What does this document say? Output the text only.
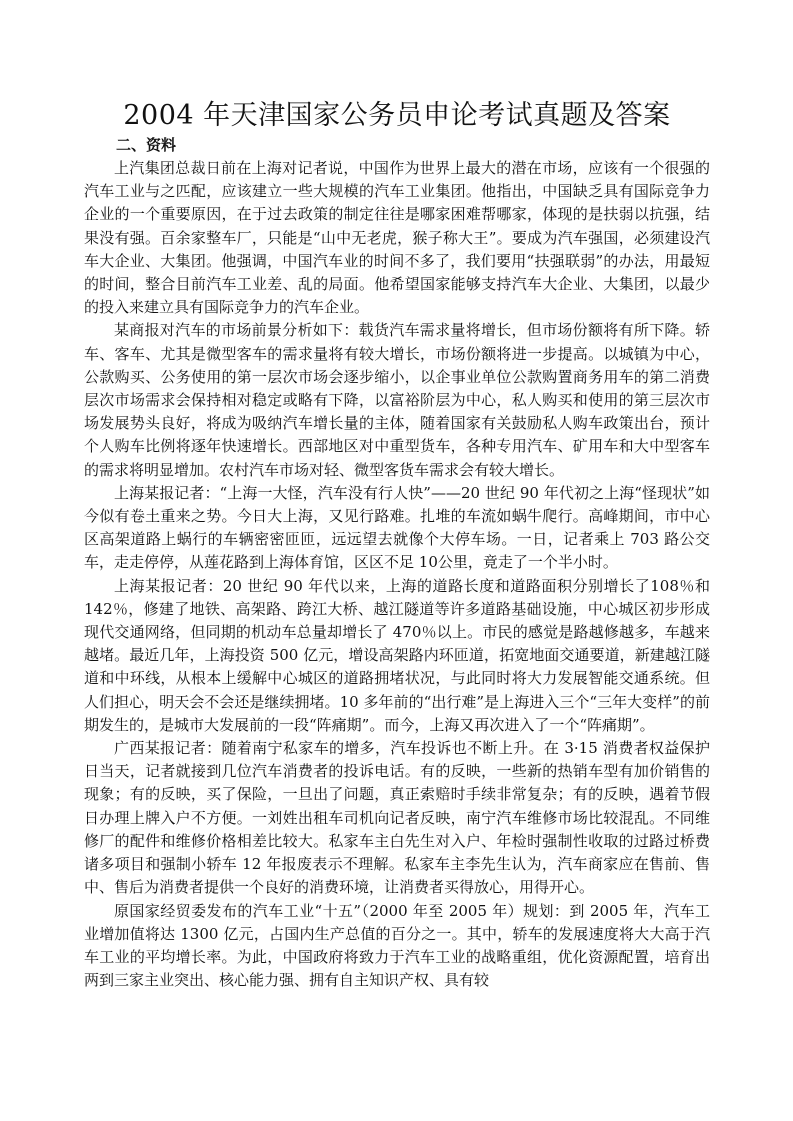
2004 年天津国家公务员申论考试真题及答案
二、资料

上汽集团总裁日前在上海对记者说，中国作为世界上最大的潜在市场，应该有一个很强的汽车工业与之匹配，应该建立一些大规模的汽车工业集团。他指出，中国缺乏具有国际竞争力企业的一个重要原因，在于过去政策的制定往往是哪家困难帮哪家，体现的是扶弱以抗强，结果没有强。百余家整车厂，只能是“山中无老虎，猴子称大王”。要成为汽车强国，必须建设汽车大企业、大集团。他强调，中国汽车业的时间不多了，我们要用“扶强联弱”的办法，用最短的时间，整合目前汽车工业差、乱的局面。他希望国家能够支持汽车大企业、大集团，以最少的投入来建立具有国际竞争力的汽车企业。

某商报对汽车的市场前景分析如下：载货汽车需求量将增长，但市场份额将有所下降。轿车、客车、尤其是微型客车的需求量将有较大增长，市场份额将进一步提高。以城镇为中心，公款购买、公务使用的第一层次市场会逐步缩小，以企事业单位公款购置商务用车的第二消费层次市场需求会保持相对稳定或略有下降，以富裕阶层为中心，私人购买和使用的第三层次市场发展势头良好，将成为吸纳汽车增长量的主体，随着国家有关鼓励私人购车政策出台，预计个人购车比例将逐年快速增长。西部地区对中重型货车，各种专用汽车、矿用车和大中型客车的需求将明显增加。农村汽车市场对轻、微型客货车需求会有较大增长。

上海某报记者：“上海一大怪，汽车没有行人快”——20 世纪 90 年代初之上海“怪现状”如今似有卷土重来之势。今日大上海，又见行路难。扎堆的车流如蜗牛爬行。高峰期间，市中心区高架道路上蜗行的车辆密密匝匝，远远望去就像个大停车场。一日，记者乘上 703 路公交车，走走停停，从莲花路到上海体育馆，区区不足 10公里，竟走了一个半小时。

上海某报记者：20 世纪 90 年代以来，上海的道路长度和道路面积分别增长了108％和 142％，修建了地铁、高架路、跨江大桥、越江隧道等许多道路基础设施，中心城区初步形成现代交通网络，但同期的机动车总量却增长了 470％以上。市民的感觉是路越修越多，车越来越堵。最近几年，上海投资 500 亿元，增设高架路内环匝道，拓宽地面交通要道，新建越江隧道和中环线，从根本上缓解中心城区的道路拥堵状况，与此同时将大力发展智能交通系统。但人们担心，明天会不会还是继续拥堵。10 多年前的“出行难”是上海进入三个“三年大变样”的前期发生的，是城市大发展前的一段“阵痛期”。而今，上海又再次进入了一个“阵痛期”。

广西某报记者：随着南宁私家车的增多，汽车投诉也不断上升。在 3·15 消费者权益保护日当天，记者就接到几位汽车消费者的投诉电话。有的反映，一些新的热销车型有加价销售的现象；有的反映，买了保险，一旦出了问题，真正索赔时手续非常复杂；有的反映，遇着节假日办理上牌入户不方便。一刘姓出租车司机向记者反映，南宁汽车维修市场比较混乱。不同维修厂的配件和维修价格相差比较大。私家车主白先生对入户、年检时强制性收取的过路过桥费诸多项目和强制小轿车 12 年报废表示不理解。私家车主李先生认为，汽车商家应在售前、售中、售后为消费者提供一个良好的消费环境，让消费者买得放心，用得开心。

原国家经贸委发布的汽车工业“十五”（2000 年至 2005 年）规划：到 2005 年，汽车工业增加值将达 1300 亿元，占国内生产总值的百分之一。其中，轿车的发展速度将大大高于汽车工业的平均增长率。为此，中国政府将致力于汽车工业的战略重组，优化资源配置，培育出两到三家主业突出、核心能力强、拥有自主知识产权、具有较
